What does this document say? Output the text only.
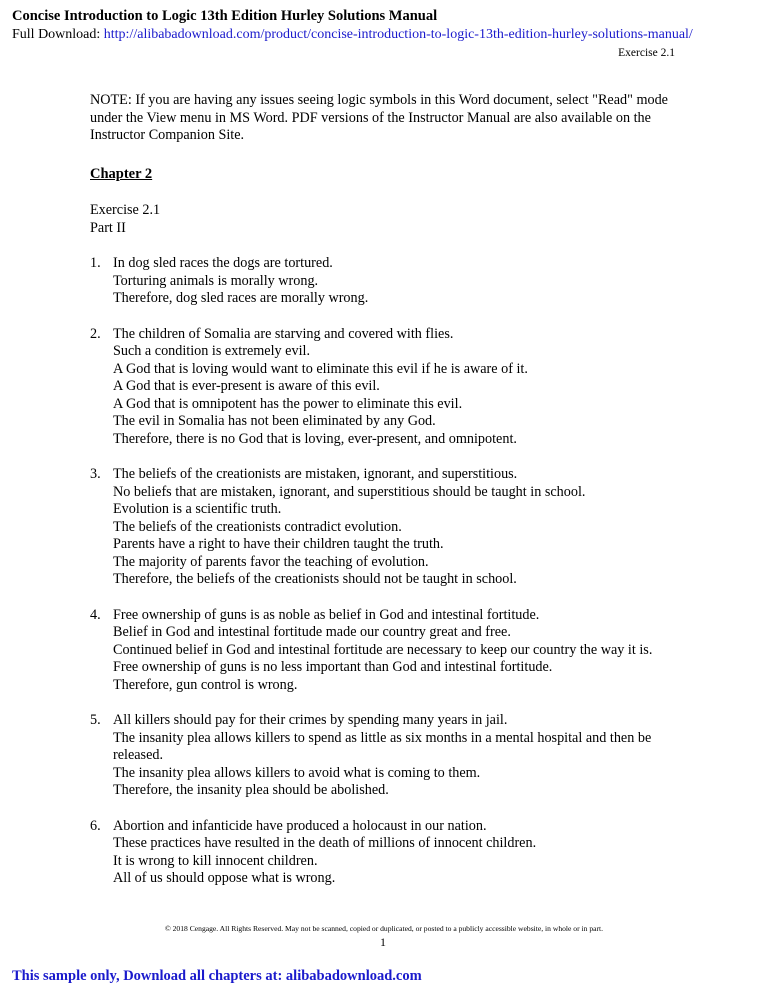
Concise Introduction to Logic 13th Edition Hurley Solutions Manual
Full Download: http://alibabadownload.com/product/concise-introduction-to-logic-13th-edition-hurley-solutions-manual/
Exercise 2.1

NOTE: If you are having any issues seeing logic symbols in this Word document, select "Read" mode under the View menu in MS Word. PDF versions of the Instructor Manual are also available on the Instructor Companion Site.

Chapter 2
Exercise 2.1
Part II
1. In dog sled races the dogs are tortured.
Torturing animals is morally wrong.
Therefore, dog sled races are morally wrong.
2. The children of Somalia are starving and covered with flies.
Such a condition is extremely evil.
A God that is loving would want to eliminate this evil if he is aware of it.
A God that is ever-present is aware of this evil.
A God that is omnipotent has the power to eliminate this evil.
The evil in Somalia has not been eliminated by any God.
Therefore, there is no God that is loving, ever-present, and omnipotent.
3. The beliefs of the creationists are mistaken, ignorant, and superstitious.
No beliefs that are mistaken, ignorant, and superstitious should be taught in school.
Evolution is a scientific truth.
The beliefs of the creationists contradict evolution.
Parents have a right to have their children taught the truth.
The majority of parents favor the teaching of evolution.
Therefore, the beliefs of the creationists should not be taught in school.
4. Free ownership of guns is as noble as belief in God and intestinal fortitude.
Belief in God and intestinal fortitude made our country great and free.
Continued belief in God and intestinal fortitude are necessary to keep our country the way it is.
Free ownership of guns is no less important than God and intestinal fortitude.
Therefore, gun control is wrong.
5. All killers should pay for their crimes by spending many years in jail.
The insanity plea allows killers to spend as little as six months in a mental hospital and then be released.
The insanity plea allows killers to avoid what is coming to them.
Therefore, the insanity plea should be abolished.
6. Abortion and infanticide have produced a holocaust in our nation.
These practices have resulted in the death of millions of innocent children.
It is wrong to kill innocent children.
All of us should oppose what is wrong.
© 2018 Cengage. All Rights Reserved. May not be scanned, copied or duplicated, or posted to a publicly accessible website, in whole or in part.
1
This sample only, Download all chapters at: alibabadownload.com
